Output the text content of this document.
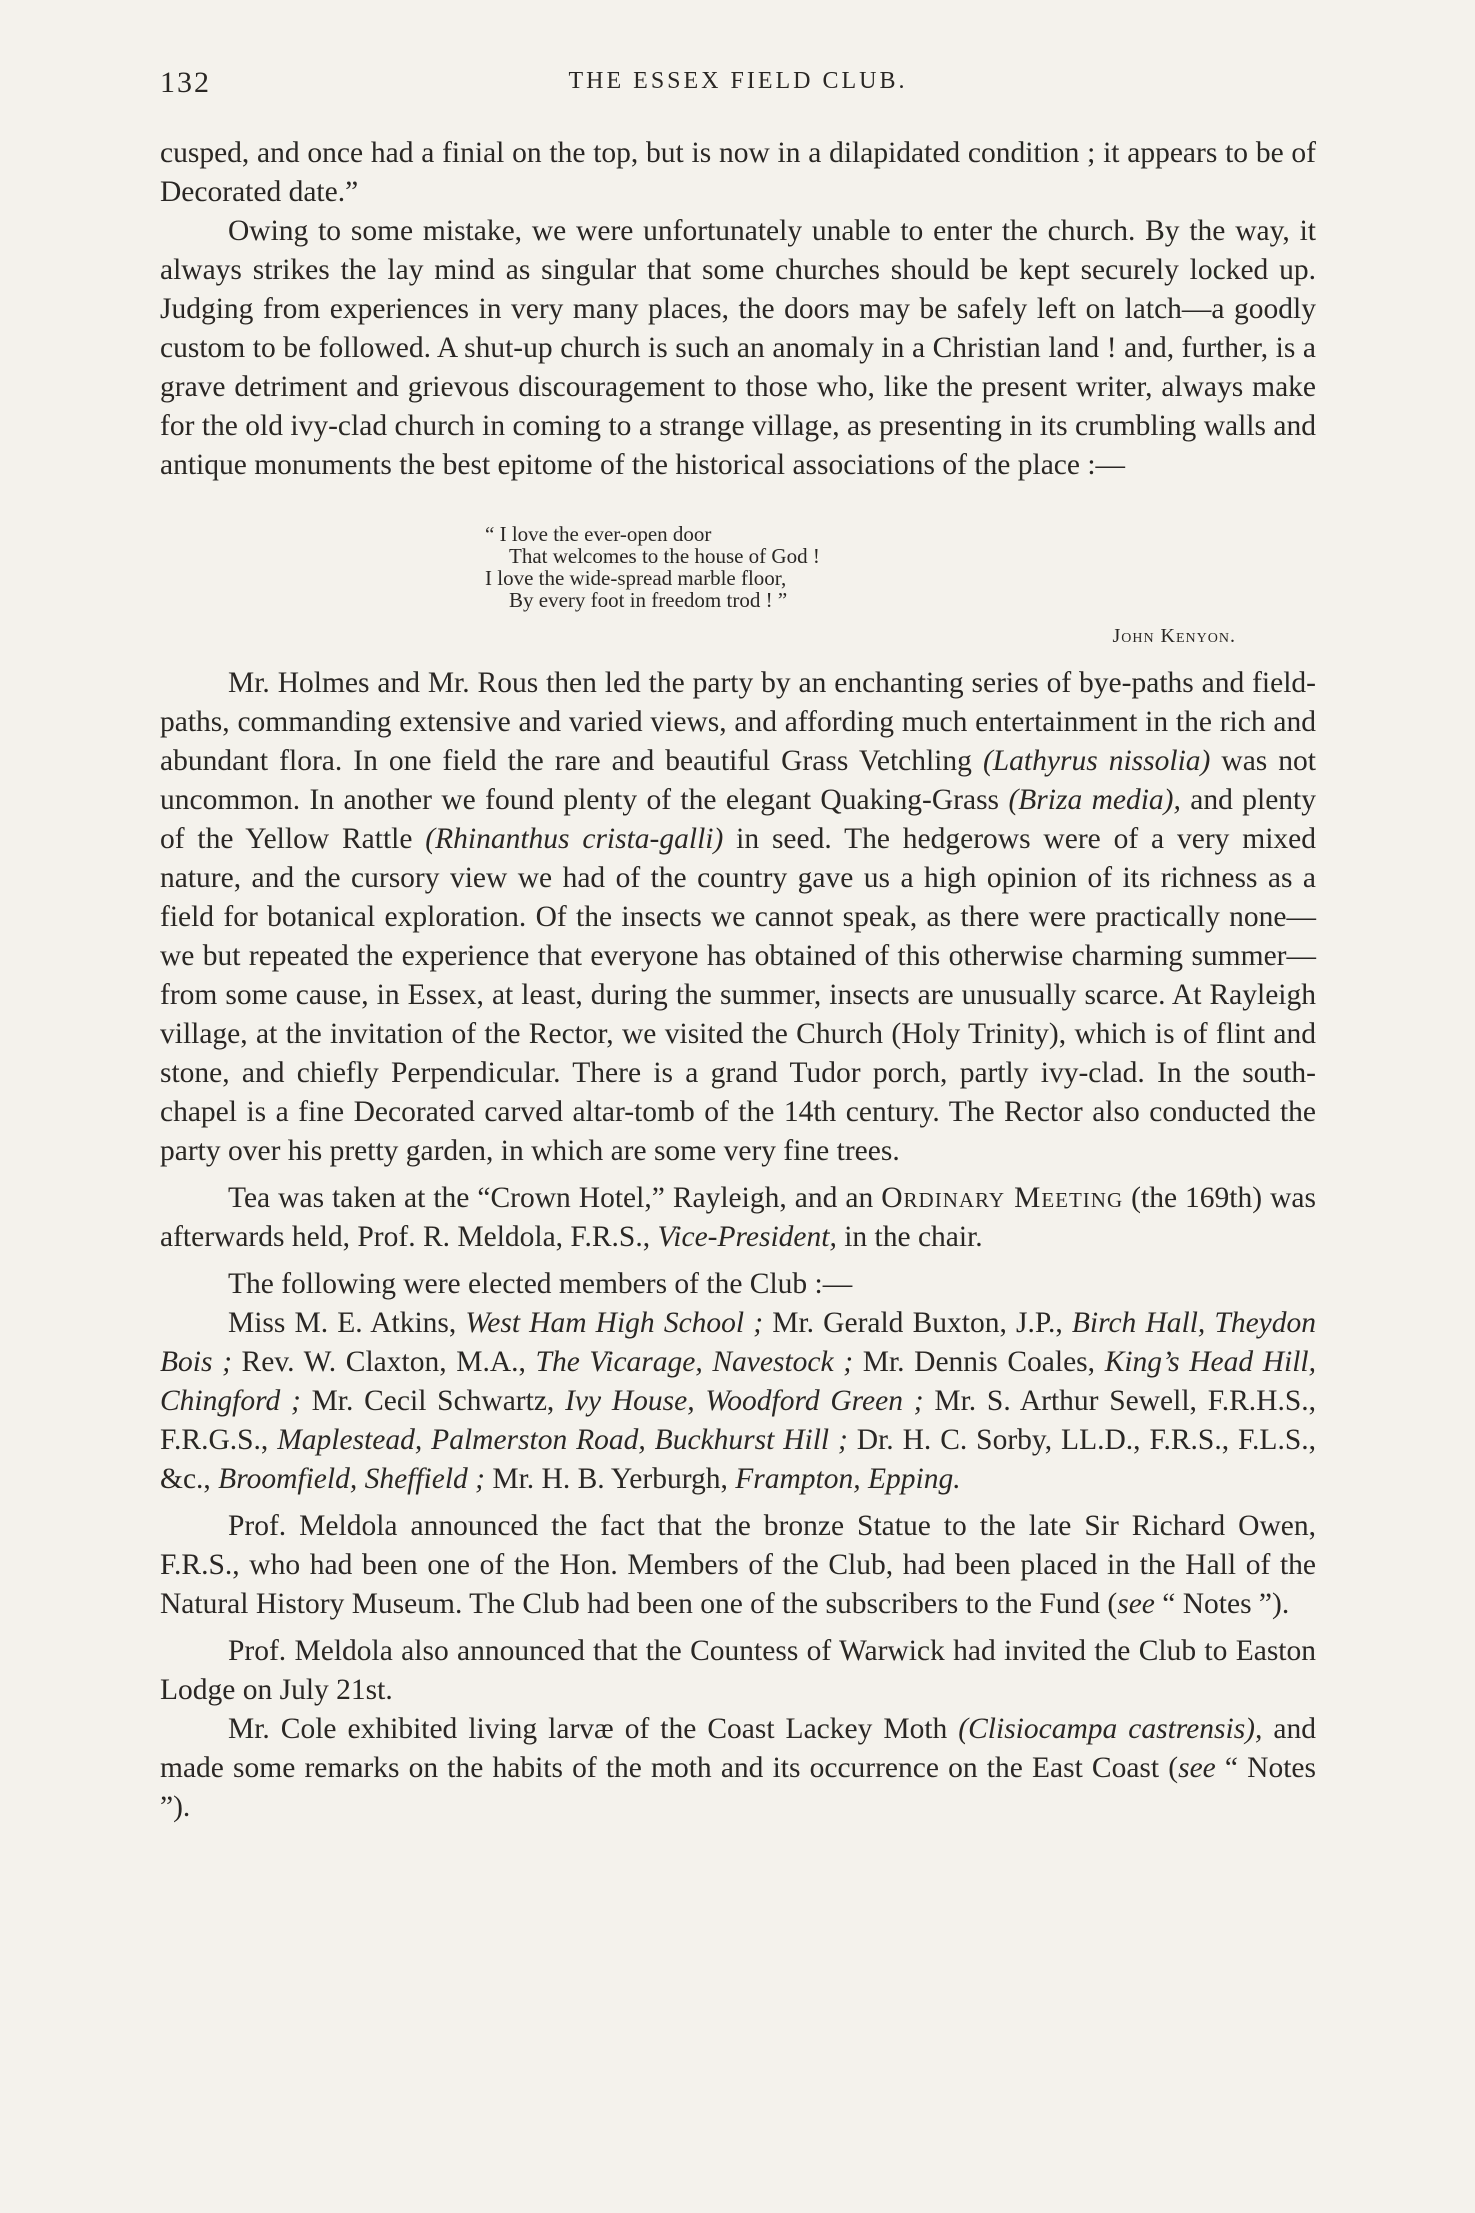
132	THE ESSEX FIELD CLUB.

cusped, and once had a finial on the top, but is now in a dilapidated condition ; it appears to be of Decorated date.”

Owing to some mistake, we were unfortunately unable to enter the church. By the way, it always strikes the lay mind as singular that some churches should be kept securely locked up. Judging from experiences in very many places, the doors may be safely left on latch—a goodly custom to be followed. A shut-up church is such an anomaly in a Christian land ! and, further, is a grave detriment and grievous discouragement to those who, like the present writer, always make for the old ivy-clad church in coming to a strange village, as presenting in its crumbling walls and antique monuments the best epitome of the historical associations of the place :—

“ I love the ever-open door
That welcomes to the house of God !
I love the wide-spread marble floor,
By every foot in freedom trod ! ”
John Kenyon.

Mr. Holmes and Mr. Rous then led the party by an enchanting series of bye-paths and field-paths, commanding extensive and varied views, and affording much entertainment in the rich and abundant flora. In one field the rare and beautiful Grass Vetchling (Lathyrus nissolia) was not uncommon. In another we found plenty of the elegant Quaking-Grass (Briza media), and plenty of the Yellow Rattle (Rhinanthus crista-galli) in seed. The hedgerows were of a very mixed nature, and the cursory view we had of the country gave us a high opinion of its richness as a field for botanical exploration. Of the insects we cannot speak, as there were practically none—we but repeated the experience that everyone has obtained of this otherwise charming summer—from some cause, in Essex, at least, during the summer, insects are unusually scarce. At Rayleigh village, at the invitation of the Rector, we visited the Church (Holy Trinity), which is of flint and stone, and chiefly Perpendicular. There is a grand Tudor porch, partly ivy-clad. In the south-chapel is a fine Decorated carved altar-tomb of the 14th century. The Rector also conducted the party over his pretty garden, in which are some very fine trees.

Tea was taken at the “Crown Hotel,” Rayleigh, and an Ordinary Meeting (the 169th) was afterwards held, Prof. R. Meldola, F.R.S., Vice-President, in the chair.

The following were elected members of the Club :—

Miss M. E. Atkins, West Ham High School ; Mr. Gerald Buxton, J.P., Birch Hall, Theydon Bois ; Rev. W. Claxton, M.A., The Vicarage, Navestock ; Mr. Dennis Coales, King’s Head Hill, Chingford ; Mr. Cecil Schwartz, Ivy House, Woodford Green ; Mr. S. Arthur Sewell, F.R.H.S., F.R.G.S., Maplestead, Palmerston Road, Buckhurst Hill ; Dr. H. C. Sorby, LL.D., F.R.S., F.L.S., &c., Broomfield, Sheffield ; Mr. H. B. Yerburgh, Frampton, Epping.

Prof. Meldola announced the fact that the bronze Statue to the late Sir Richard Owen, F.R.S., who had been one of the Hon. Members of the Club, had been placed in the Hall of the Natural History Museum. The Club had been one of the subscribers to the Fund (see “ Notes ”).

Prof. Meldola also announced that the Countess of Warwick had invited the Club to Easton Lodge on July 21st.

Mr. Cole exhibited living larvæ of the Coast Lackey Moth (Clisiocampa castrensis), and made some remarks on the habits of the moth and its occurrence on the East Coast (see “ Notes ”).
